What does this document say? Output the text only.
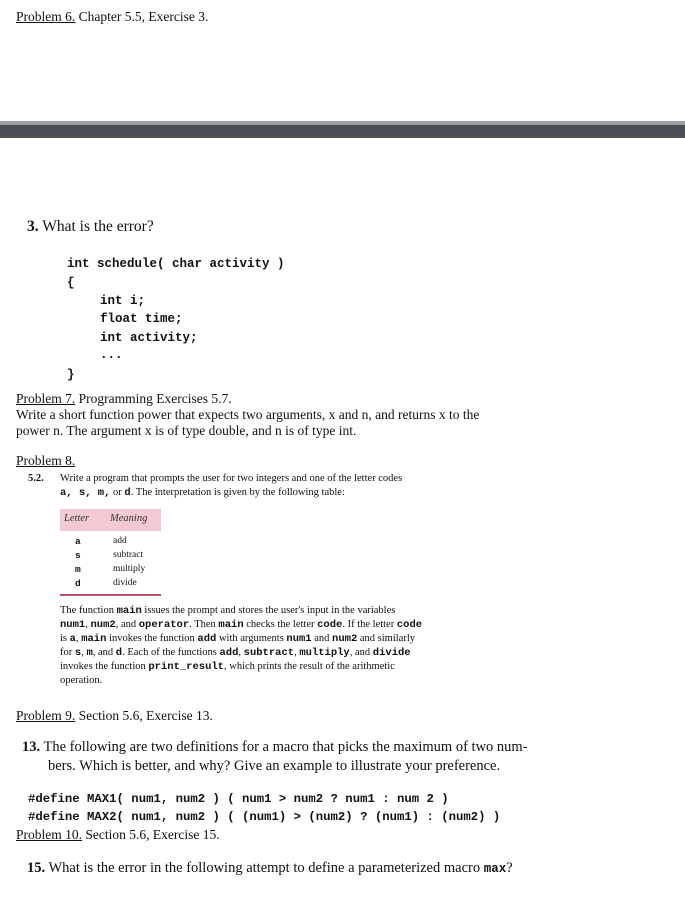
Problem 6. Chapter 5.5, Exercise 3.
3. What is the error?
int schedule( char activity )
{
int i;
float time;
int activity;
...
}
Problem 7. Programming Exercises 5.7.
Write a short function power that expects two arguments, x and n, and returns x to the
power n. The argument x is of type double, and n is of type int.
Problem 8.
5.2. Write a program that prompts the user for two integers and one of the letter codes
a, s, m, or d. The interpretation is given by the following table:
Letter Meaning
a	add
s	subtract
m	multiply
d	divide
The function main issues the prompt and stores the user's input in the variables
num1, num2, and operator. Then main checks the letter code. If the letter code
is a, main invokes the function add with arguments num1 and num2 and similarly
for s, m, and d. Each of the functions add, subtract, multiply, and divide
invokes the function print_result, which prints the result of the arithmetic
operation.
Problem 9. Section 5.6, Exercise 13.
13. The following are two definitions for a macro that picks the maximum of two num-
bers. Which is better, and why? Give an example to illustrate your preference.
#define MAX1( num1, num2 ) ( num1 > num2 ? num1 : num 2 )
#define MAX2( num1, num2 ) ( (num1) > (num2) ? (num1) : (num2) )
Problem 10. Section 5.6, Exercise 15.
15. What is the error in the following attempt to define a parameterized macro max?
